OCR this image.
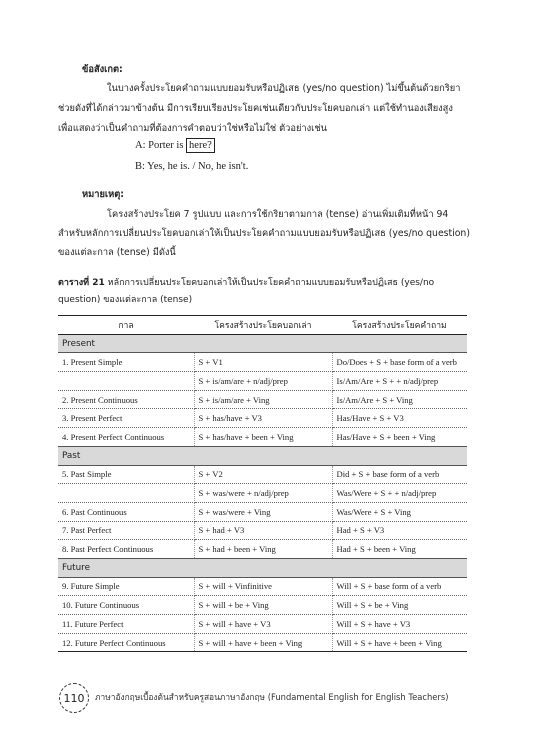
ข้อสังเกต:
ในบางครั้งประโยคคำถามแบบยอมรับหรือปฏิเสธ (yes/no question) ไม่ขึ้นต้นด้วยกริยา
ช่วยดังที่ได้กล่าวมาข้างต้น มีการเรียบเรียงประโยคเช่นเดียวกับประโยคบอกเล่า แต่ใช้ทำนองเสียงสูง
เพื่อแสดงว่าเป็นคำถามที่ต้องการคำตอบว่าใช่หรือไม่ใช่ ตัวอย่างเช่น
A: Porter is here?
B: Yes, he is. / No, he isn't.
หมายเหตุ:
โครงสร้างประโยค 7 รูปแบบ และการใช้กริยาตามกาล (tense) อ่านเพิ่มเติมที่หน้า 94
สำหรับหลักการเปลี่ยนประโยคบอกเล่าให้เป็นประโยคคำถามแบบยอมรับหรือปฏิเสธ (yes/no question)
ของแต่ละกาล (tense) มีดังนี้
ตารางที่ 21 หลักการเปลี่ยนประโยคบอกเล่าให้เป็นประโยคคำถามแบบยอมรับหรือปฏิเสธ (yes/no
question) ของแต่ละกาล (tense)
กาล	โครงสร้างประโยคบอกเล่า	โครงสร้างประโยคคำถาม
Present		
1. Present Simple	S + V1	Do/Does + S + base form of a verb
	S + is/am/are + n/adj/prep	Is/Am/Are + S + + n/adj/prep
2. Present Continuous	S + is/am/are + Ving	Is/Am/Are + S + Ving
3. Present Perfect	S + has/have + V3	Has/Have + S + V3
4. Present Perfect Continuous	S + has/have + been + Ving	Has/Have + S + been + Ving
Past		
5. Past Simple	S + V2	Did + S + base form of a verb
	S + was/were + n/adj/prep	Was/Were + S + + n/adj/prep
6. Past Continuous	S + was/were + Ving	Was/Were + S + Ving
7. Past Perfect	S + had + V3	Had + S + V3
8. Past Perfect Continuous	S + had + been + Ving	Had + S + been + Ving
Future		
9. Future Simple	S + will + Vinfinitive	Will + S + base form of a verb
10. Future Continuous	S + will + be + Ving	Will + S + be + Ving
11. Future Perfect	S + will + have + V3	Will + S + have + V3
12. Future Perfect Continuous	S + will + have + been + Ving	Will + S + have + been + Ving
110	ภาษาอังกฤษเบื้องต้นสำหรับครูสอนภาษาอังกฤษ (Fundamental English for English Teachers)
